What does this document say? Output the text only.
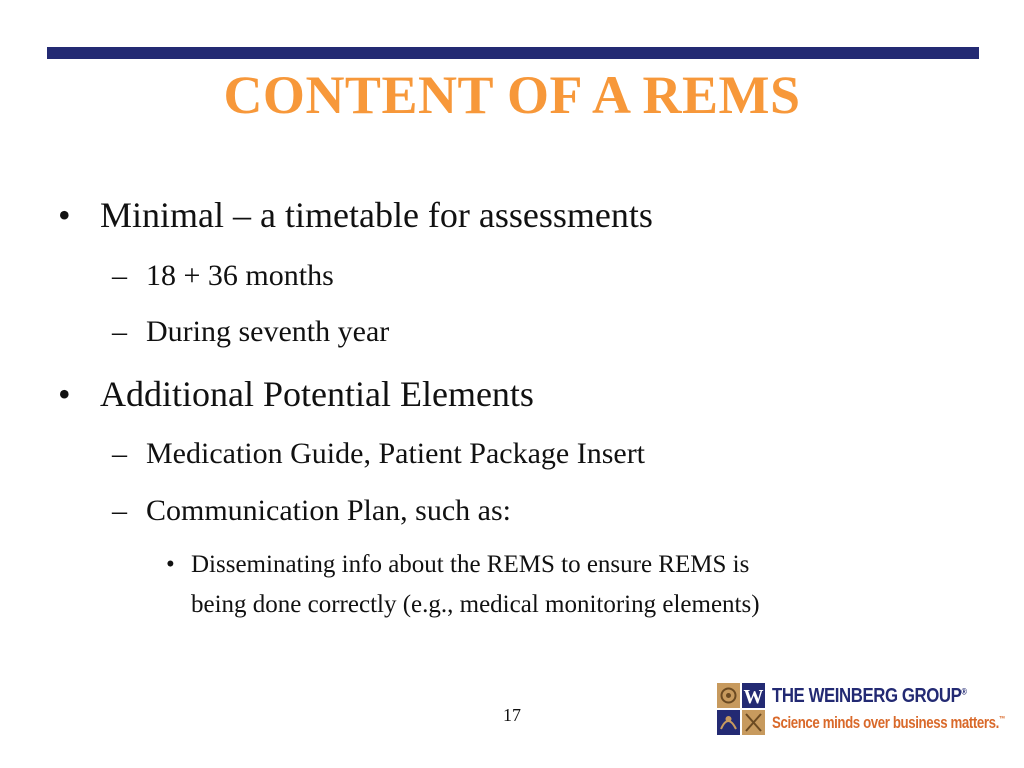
CONTENT OF A REMS
• Minimal – a timetable for assessments
– 18 + 36 months
– During seventh year
• Additional Potential Elements
– Medication Guide, Patient Package Insert
– Communication Plan, such as:
• Disseminating info about the REMS to ensure REMS is
being done correctly (e.g., medical monitoring elements)
17
W THE WEINBERG GROUP®
Science minds over business matters.™
